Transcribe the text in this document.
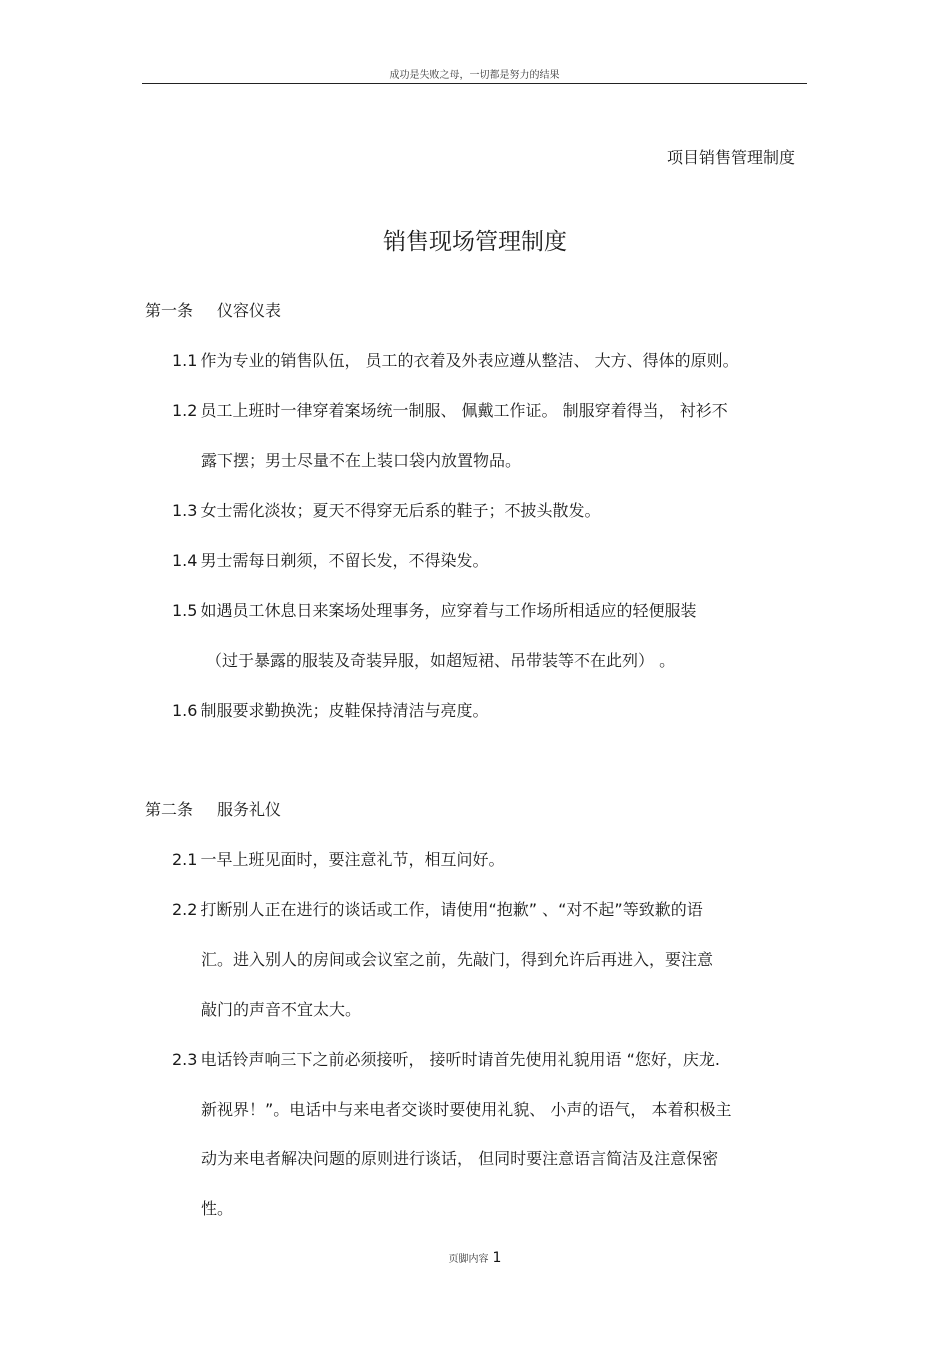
成功是失败之母，一切都是努力的结果
项目销售管理制度
销售现场管理制度
第一条 仪容仪表
1.1 作为专业的销售队伍， 员工的衣着及外表应遵从整洁、 大方、得体的原则。
1.2 员工上班时一律穿着案场统一制服、 佩戴工作证。 制服穿着得当， 衬衫不
露下摆；男士尽量不在上装口袋内放置物品。
1.3 女士需化淡妆；夏天不得穿无后系的鞋子；不披头散发。
1.4 男士需每日剃须，不留长发，不得染发。
1.5 如遇员工休息日来案场处理事务，应穿着与工作场所相适应的轻便服装
（过于暴露的服装及奇装异服，如超短裙、吊带装等不在此列） 。
1.6 制服要求勤换洗；皮鞋保持清洁与亮度。
第二条 服务礼仪
2.1 一早上班见面时，要注意礼节，相互问好。
2.2 打断别人正在进行的谈话或工作，请使用“抱歉” 、“对不起”等致歉的语
汇。进入别人的房间或会议室之前，先敲门，得到允许后再进入，要注意
敲门的声音不宜太大。
2.3 电话铃声响三下之前必须接听， 接听时请首先使用礼貌用语 “您好，庆龙.
新视界！”。电话中与来电者交谈时要使用礼貌、 小声的语气， 本着积极主
动为来电者解决问题的原则进行谈话， 但同时要注意语言简洁及注意保密
性。
页脚内容 1
